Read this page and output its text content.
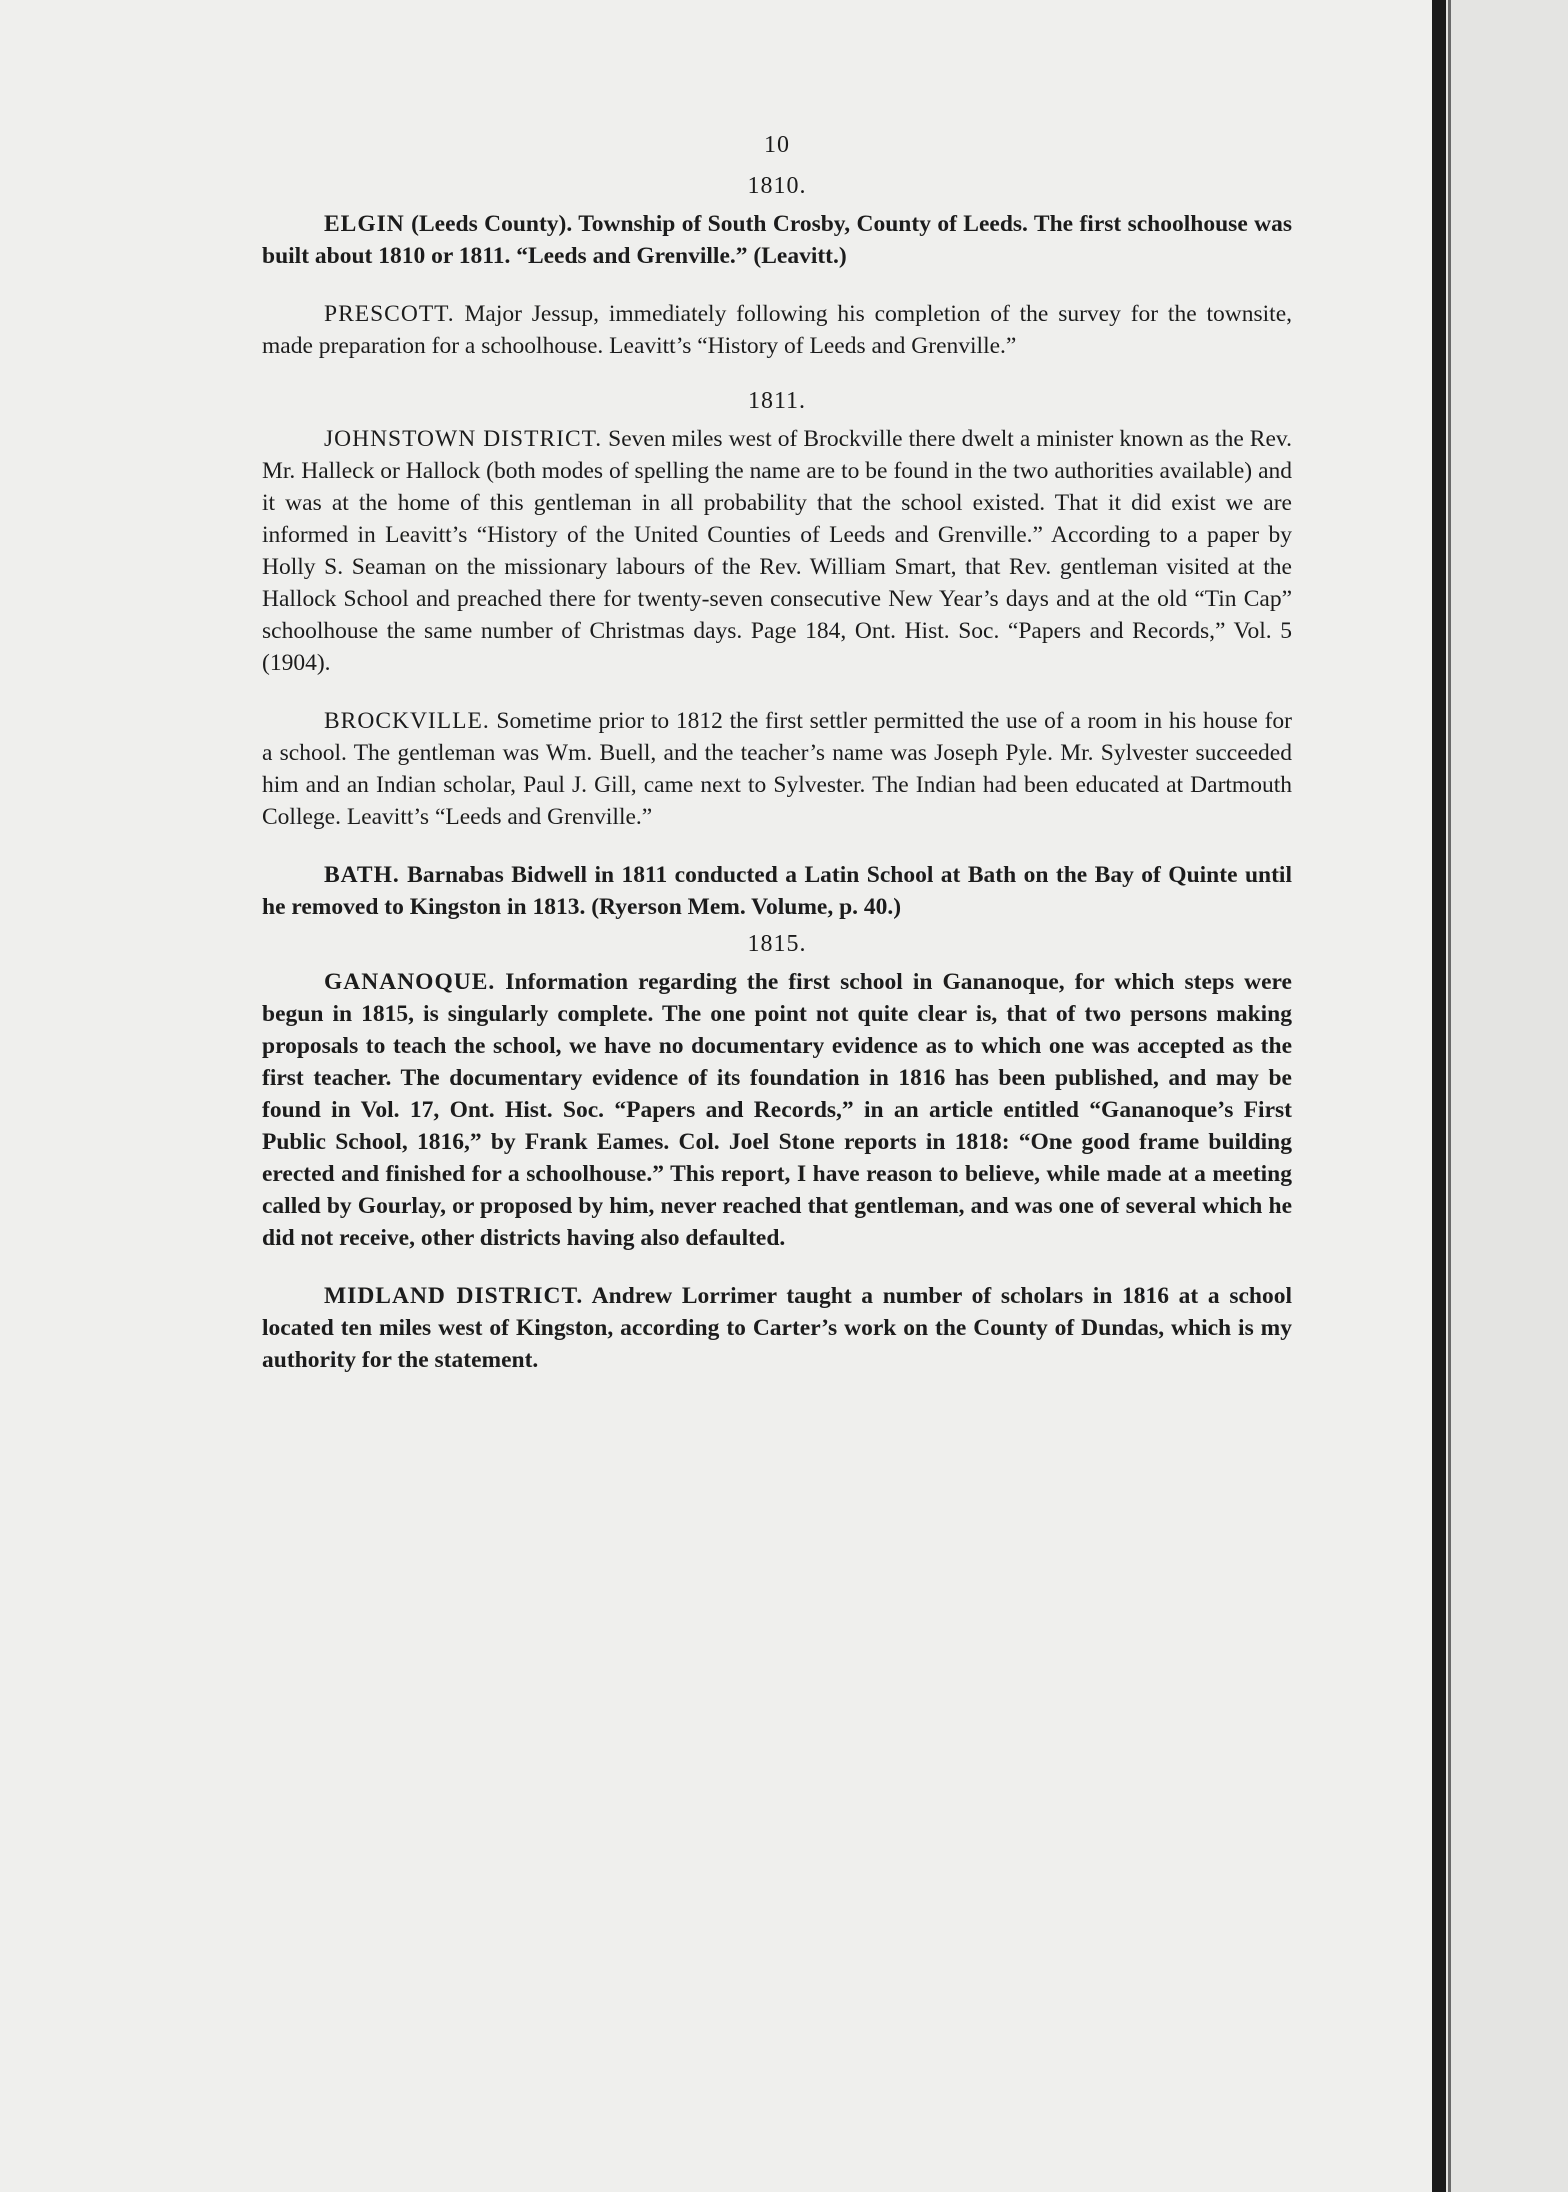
10
1810.

ELGIN (Leeds County). Township of South Crosby, County of Leeds. The first schoolhouse was built about 1810 or 1811. “Leeds and Grenville.” (Leavitt.)

PRESCOTT. Major Jessup, immediately following his completion of the survey for the townsite, made preparation for a schoolhouse. Leavitt’s “History of Leeds and Grenville.”

1811.

JOHNSTOWN DISTRICT. Seven miles west of Brockville there dwelt a minister known as the Rev. Mr. Halleck or Hallock (both modes of spelling the name are to be found in the two authorities available) and it was at the home of this gentleman in all probability that the school existed. That it did exist we are informed in Leavitt’s “History of the United Counties of Leeds and Grenville.” According to a paper by Holly S. Seaman on the missionary labours of the Rev. William Smart, that Rev. gentleman visited at the Hallock School and preached there for twenty-seven consecutive New Year’s days and at the old “Tin Cap” schoolhouse the same number of Christmas days. Page 184, Ont. Hist. Soc. “Papers and Records,” Vol. 5 (1904).

BROCKVILLE. Sometime prior to 1812 the first settler permitted the use of a room in his house for a school. The gentleman was Wm. Buell, and the teacher’s name was Joseph Pyle. Mr. Sylvester succeeded him and an Indian scholar, Paul J. Gill, came next to Sylvester. The Indian had been educated at Dartmouth College. Leavitt’s “Leeds and Grenville.”

BATH. Barnabas Bidwell in 1811 conducted a Latin School at Bath on the Bay of Quinte until he removed to Kingston in 1813. (Ryerson Mem. Volume, p. 40.)

1815.

GANANOQUE. Information regarding the first school in Gananoque, for which steps were begun in 1815, is singularly complete. The one point not quite clear is, that of two persons making proposals to teach the school, we have no documentary evidence as to which one was accepted as the first teacher. The documentary evidence of its foundation in 1816 has been published, and may be found in Vol. 17, Ont. Hist. Soc. “Papers and Records,” in an article entitled “Gananoque’s First Public School, 1816,” by Frank Eames. Col. Joel Stone reports in 1818: “One good frame building erected and finished for a schoolhouse.” This report, I have reason to believe, while made at a meeting called by Gourlay, or proposed by him, never reached that gentleman, and was one of several which he did not receive, other districts having also defaulted.

MIDLAND DISTRICT. Andrew Lorrimer taught a number of scholars in 1816 at a school located ten miles west of Kingston, according to Carter’s work on the County of Dundas, which is my authority for the statement.
